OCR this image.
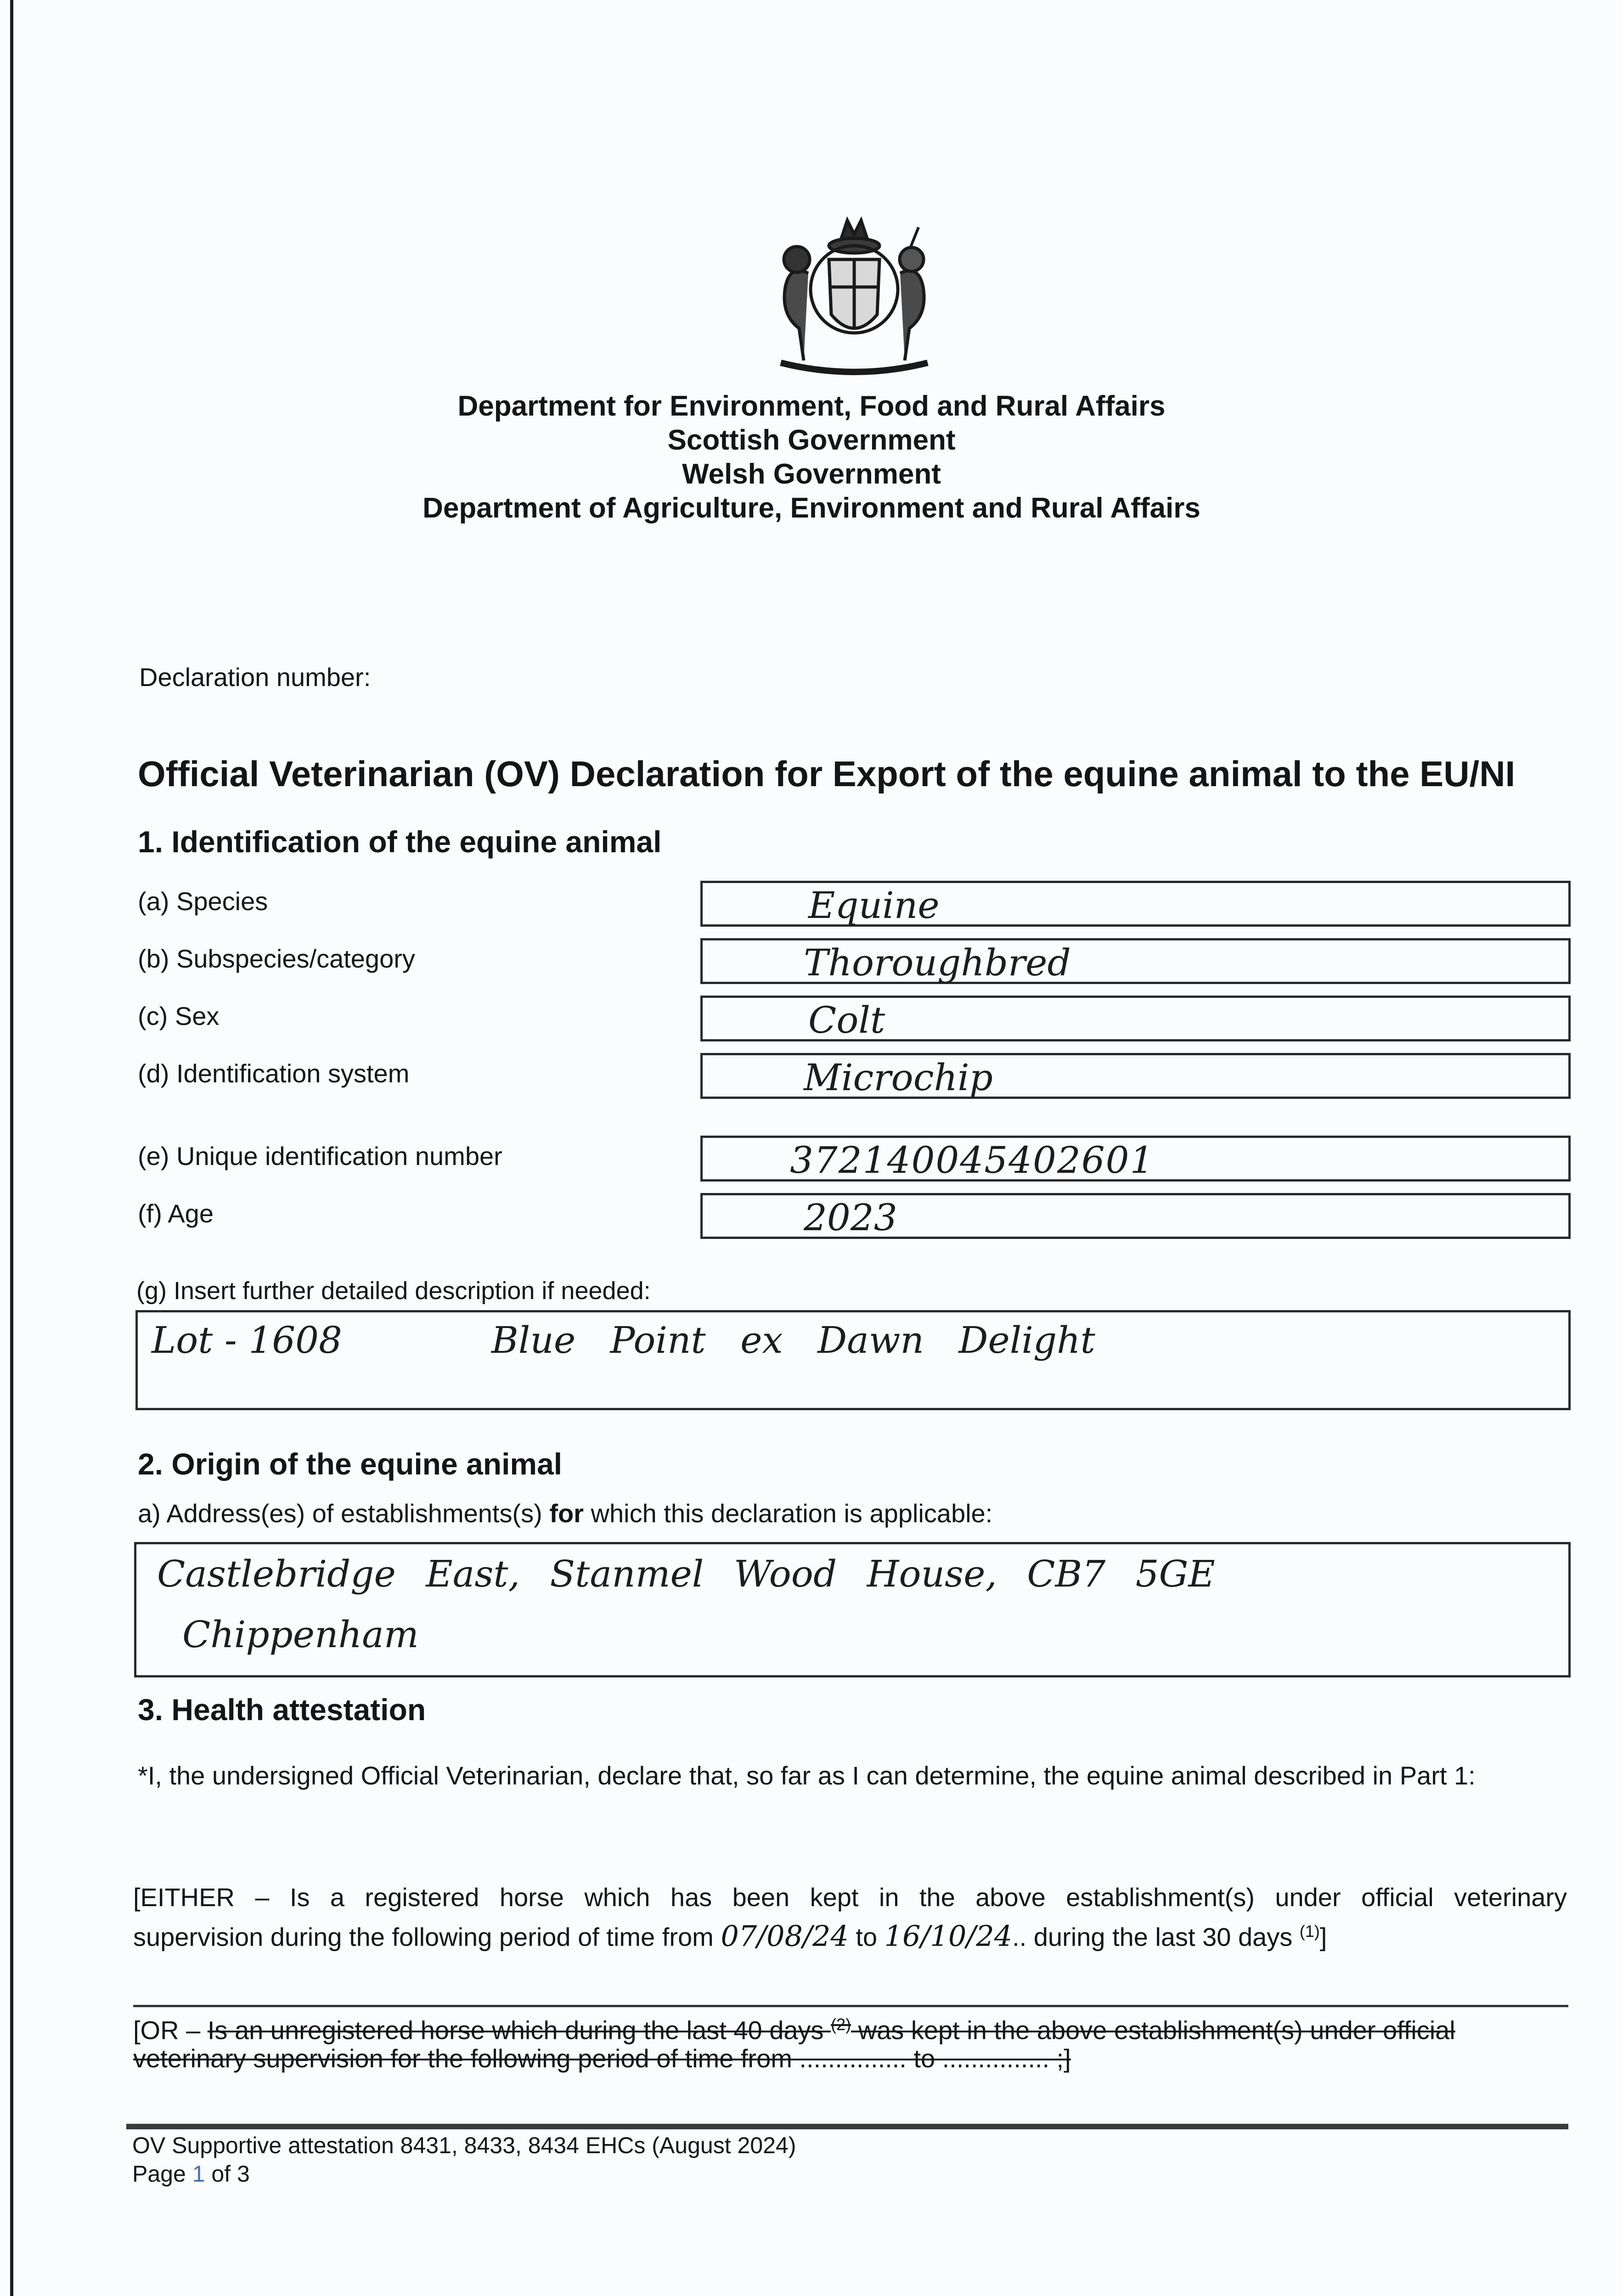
Department for Environment, Food and Rural Affairs

Scottish Government

Welsh Government

Department of Agriculture, Environment and Rural Affairs

Declaration number:
Official Veterinarian (OV) Declaration for Export of the equine animal to the EU/NI
1. Identification of the equine animal
(a) Species	Equine
(b) Subspecies/category	Thoroughbred
(c) Sex	Colt
(d) Identification system	Microchip
(e) Unique identification number	372140045402601
(f) Age	2023
(g) Insert further detailed description if needed:
Lot - 1608	Blue Point ex Dawn Delight
2. Origin of the equine animal
a) Address(es) of establishments(s) for which this declaration is applicable:
Castlebridge East, Stanmel Wood House, CB7 5GE
Chippenham
3. Health attestation

*I, the undersigned Official Veterinarian, declare that, so far as I can determine, the equine animal described in Part 1:

[EITHER – Is a registered horse which has been kept in the above establishment(s) under official veterinary

supervision during the following period of time from 07/08/24 to 16/10/24.. during the last 30 days $^{(1)}$]

[OR – Is an unregistered horse which during the last 40 days $^{(2)}$ was kept in the above establishment(s) under official

veterinary supervision for the following period of time from ............... to ............... ;]

OV Supportive attestation 8431, 8433, 8434 EHCs (August 2024)
Page 1 of 3
